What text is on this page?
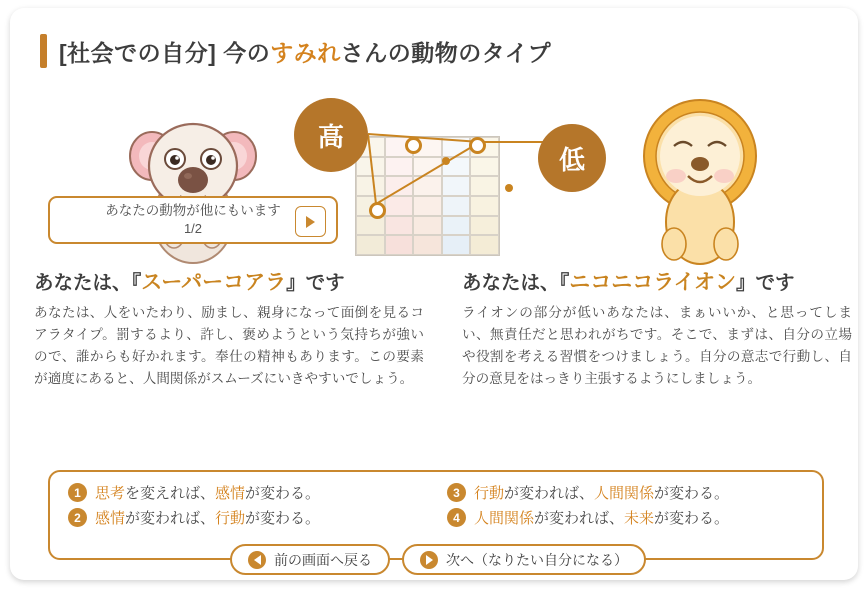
[社会での自分] 今のすみれさんの動物のタイプ
高
低
あなたの動物が他にもいます
1/2
あなたは、『スーパーコアラ』です

あなたは、人をいたわり、励まし、親身になって面倒を見るコアラタイプ。罰するより、許し、褒めようという気持ちが強いので、誰からも好かれます。奉仕の精神もあります。この要素が適度にあると、人間関係がスムーズにいきやすいでしょう。

あなたは、『ニコニコライオン』です

ライオンの部分が低いあなたは、まぁいいか、と思ってしまい、無責任だと思われがちです。そこで、まずは、自分の立場や役割を考える習慣をつけましょう。自分の意志で行動し、自分の意見をはっきり主張するようにしましょう。

1 思考 を変えれば、 感情 が変わる。	3 行動 が変われば、 人間関係 が変わる。
2 感情 が変われば、 行動 が変わる。	4 人間関係 が変われば、 未来 が変わる。
前の画面へ戻る	次へ（なりたい自分になる）
